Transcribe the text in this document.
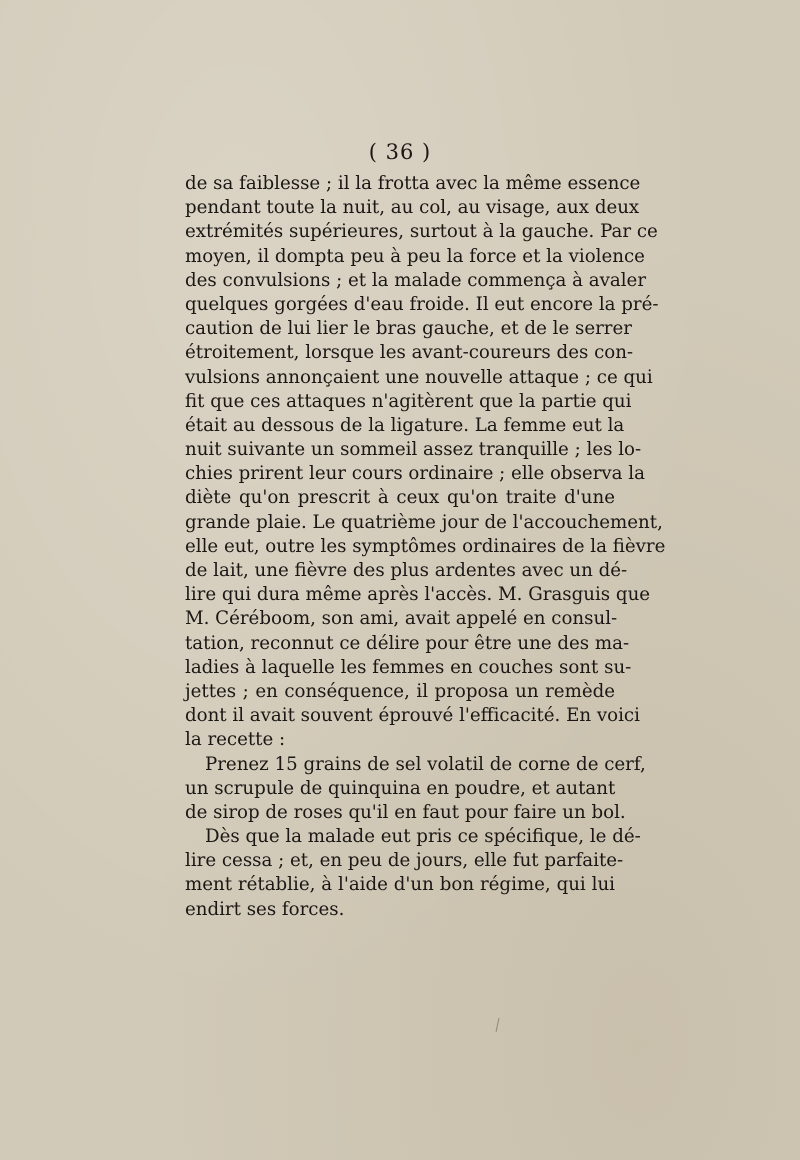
( 36 )
de sa faiblesse ; il la frotta avec la même essence
pendant toute la nuit, au col, au visage, aux deux
extrémités supérieures, surtout à la gauche. Par ce
moyen, il dompta peu à peu la force et la violence
des convulsions ; et la malade commença à avaler
quelques gorgées d'eau froide. Il eut encore la pré-
caution de lui lier le bras gauche, et de le serrer
étroitement, lorsque les avant-coureurs des con-
vulsions annonçaient une nouvelle attaque ; ce qui
fit que ces attaques n'agitèrent que la partie qui
était au dessous de la ligature. La femme eut la
nuit suivante un sommeil assez tranquille ; les lo-
chies prirent leur cours ordinaire ; elle observa la
diète qu'on prescrit à ceux qu'on traite d'une
grande plaie. Le quatrième jour de l'accouchement,
elle eut, outre les symptômes ordinaires de la fièvre
de lait, une fièvre des plus ardentes avec un dé-
lire qui dura même après l'accès. M. Grasguis que
M. Céréboom, son ami, avait appelé en consul-
tation, reconnut ce délire pour être une des ma-
ladies à laquelle les femmes en couches sont su-
jettes ; en conséquence, il proposa un remède
dont il avait souvent éprouvé l'efficacité. En voici
la recette :
Prenez 15 grains de sel volatil de corne de cerf,
un scrupule de quinquina en poudre, et autant
de sirop de roses qu'il en faut pour faire un bol.
Dès que la malade eut pris ce spécifique, le dé-
lire cessa ; et, en peu de jours, elle fut parfaite-
ment rétablie, à l'aide d'un bon régime, qui lui
endirt ses forces.
